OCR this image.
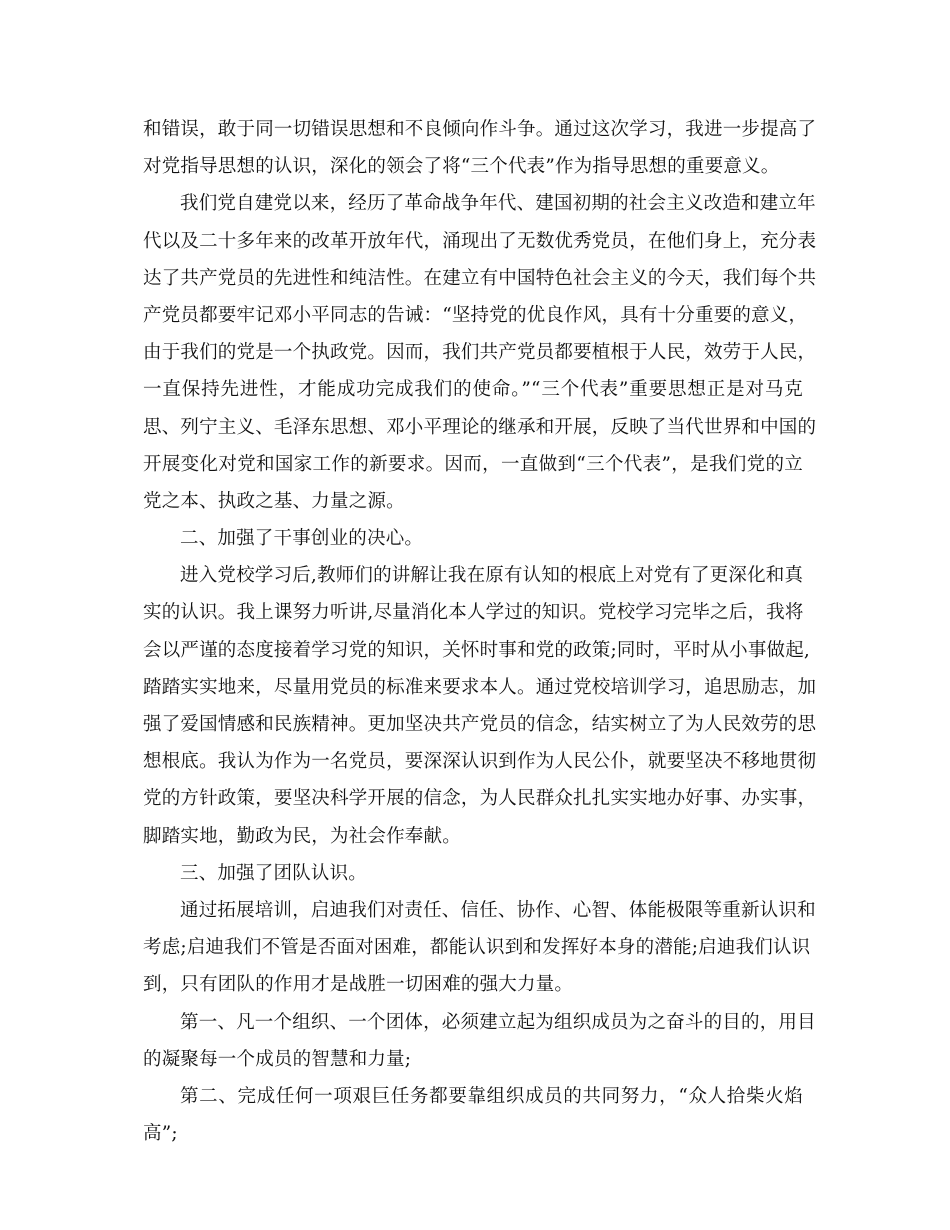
和错误，敢于同一切错误思想和不良倾向作斗争。通过这次学习，我进一步提高了
对党指导思想的认识，深化的领会了将“三个代表”作为指导思想的重要意义。
我们党自建党以来，经历了革命战争年代、建国初期的社会主义改造和建立年
代以及二十多年来的改革开放年代，涌现出了无数优秀党员，在他们身上，充分表
达了共产党员的先进性和纯洁性。在建立有中国特色社会主义的今天，我们每个共
产党员都要牢记邓小平同志的告诫：“坚持党的优良作风，具有十分重要的意义，
由于我们的党是一个执政党。因而，我们共产党员都要植根于人民，效劳于人民，
一直保持先进性，才能成功完成我们的使命。”“三个代表”重要思想正是对马克
思、列宁主义、毛泽东思想、邓小平理论的继承和开展，反映了当代世界和中国的
开展变化对党和国家工作的新要求。因而，一直做到“三个代表”，是我们党的立
党之本、执政之基、力量之源。
二、加强了干事创业的决心。
进入党校学习后,教师们的讲解让我在原有认知的根底上对党有了更深化和真
实的认识。我上课努力听讲,尽量消化本人学过的知识。党校学习完毕之后，我将
会以严谨的态度接着学习党的知识，关怀时事和党的政策;同时，平时从小事做起,
踏踏实实地来，尽量用党员的标准来要求本人。通过党校培训学习，追思励志，加
强了爱国情感和民族精神。更加坚决共产党员的信念，结实树立了为人民效劳的思
想根底。我认为作为一名党员，要深深认识到作为人民公仆，就要坚决不移地贯彻
党的方针政策，要坚决科学开展的信念，为人民群众扎扎实实地办好事、办实事，
脚踏实地，勤政为民，为社会作奉献。
三、加强了团队认识。
通过拓展培训，启迪我们对责任、信任、协作、心智、体能极限等重新认识和
考虑;启迪我们不管是否面对困难，都能认识到和发挥好本身的潜能;启迪我们认识
到，只有团队的作用才是战胜一切困难的强大力量。
第一、凡一个组织、一个团体，必须建立起为组织成员为之奋斗的目的，用目
的凝聚每一个成员的智慧和力量;
第二、完成任何一项艰巨任务都要靠组织成员的共同努力，“众人拾柴火焰
高”;
